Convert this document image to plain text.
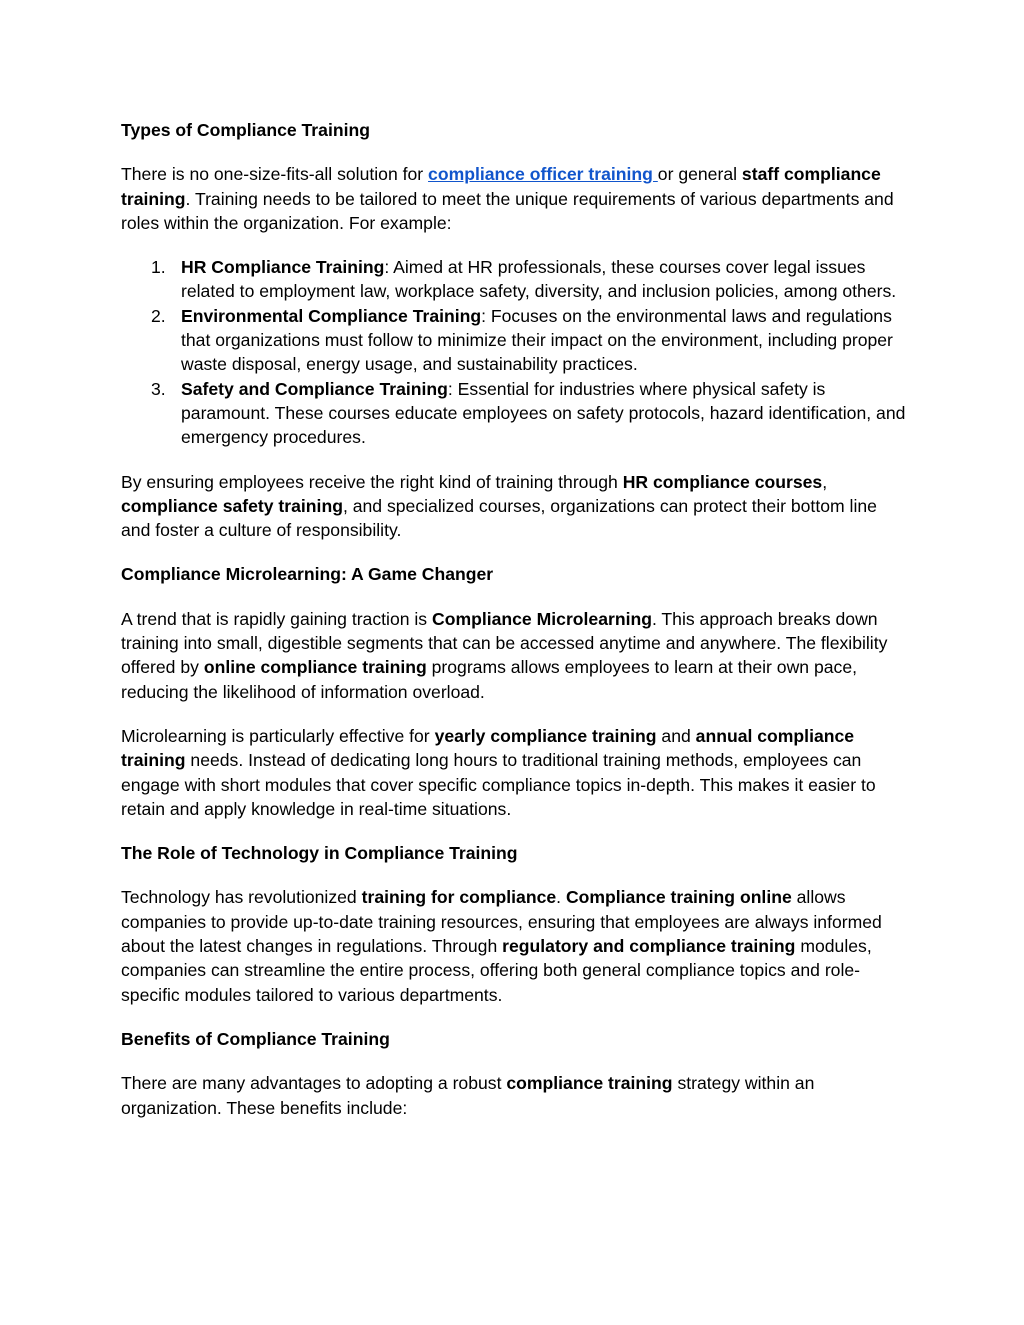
Types of Compliance Training

There is no one-size-fits-all solution for compliance officer training or general staff compliance training. Training needs to be tailored to meet the unique requirements of various departments and roles within the organization. For example:

1. HR Compliance Training: Aimed at HR professionals, these courses cover legal issues related to employment law, workplace safety, diversity, and inclusion policies, among others.
2. Environmental Compliance Training: Focuses on the environmental laws and regulations that organizations must follow to minimize their impact on the environment, including proper waste disposal, energy usage, and sustainability practices.
3. Safety and Compliance Training: Essential for industries where physical safety is paramount. These courses educate employees on safety protocols, hazard identification, and emergency procedures.

By ensuring employees receive the right kind of training through HR compliance courses, compliance safety training, and specialized courses, organizations can protect their bottom line and foster a culture of responsibility.

Compliance Microlearning: A Game Changer

A trend that is rapidly gaining traction is Compliance Microlearning. This approach breaks down training into small, digestible segments that can be accessed anytime and anywhere. The flexibility offered by online compliance training programs allows employees to learn at their own pace, reducing the likelihood of information overload.

Microlearning is particularly effective for yearly compliance training and annual compliance training needs. Instead of dedicating long hours to traditional training methods, employees can engage with short modules that cover specific compliance topics in-depth. This makes it easier to retain and apply knowledge in real-time situations.

The Role of Technology in Compliance Training

Technology has revolutionized training for compliance. Compliance training online allows companies to provide up-to-date training resources, ensuring that employees are always informed about the latest changes in regulations. Through regulatory and compliance training modules, companies can streamline the entire process, offering both general compliance topics and role-specific modules tailored to various departments.

Benefits of Compliance Training

There are many advantages to adopting a robust compliance training strategy within an organization. These benefits include:
